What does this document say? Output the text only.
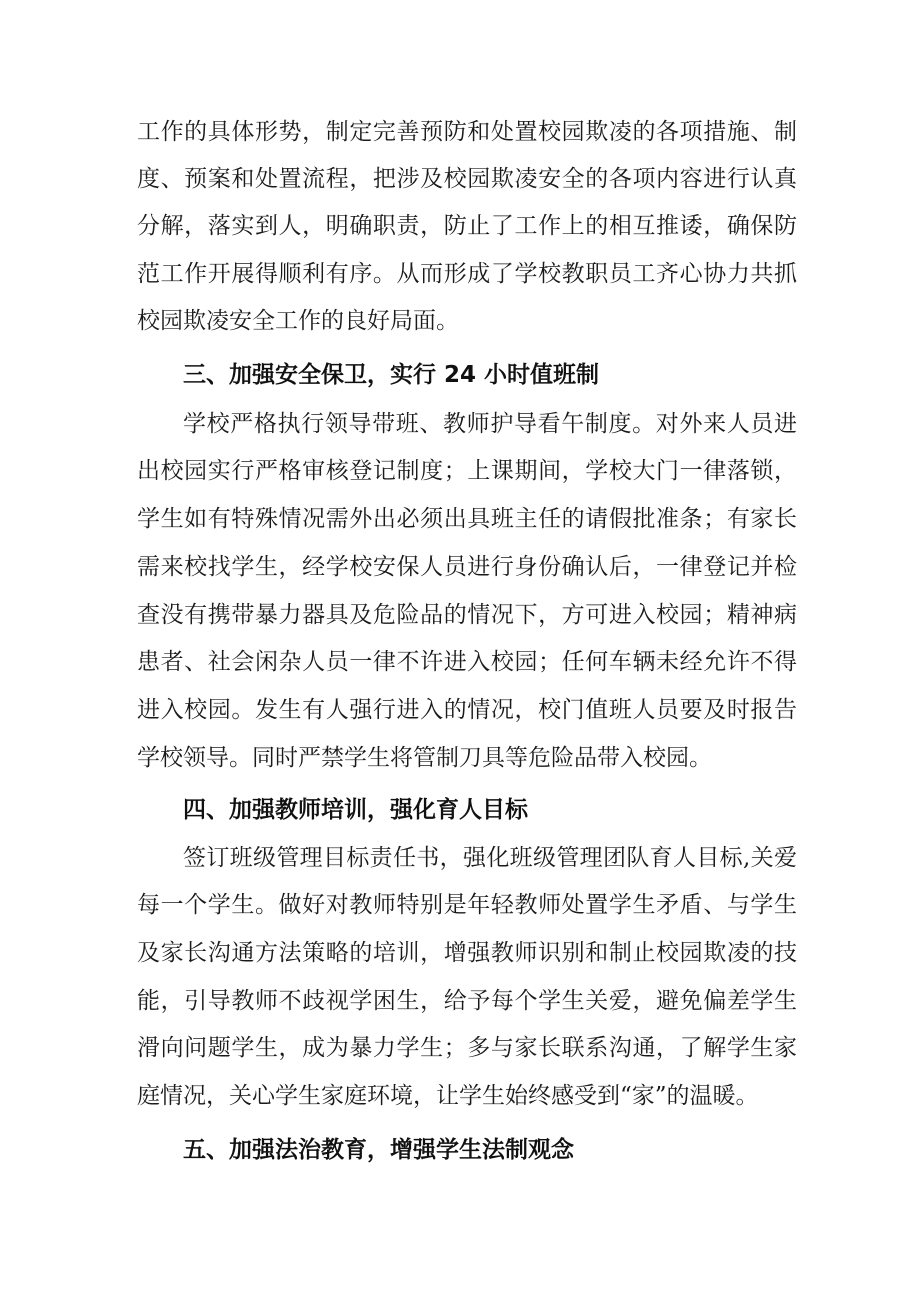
工作的具体形势，制定完善预防和处置校园欺凌的各项措施、制

度、预案和处置流程，把涉及校园欺凌安全的各项内容进行认真

分解，落实到人，明确职责，防止了工作上的相互推诿，确保防

范工作开展得顺利有序。从而形成了学校教职员工齐心协力共抓

校园欺凌安全工作的良好局面。

三、加强安全保卫，实行 24 小时值班制

学校严格执行领导带班、教师护导看午制度。对外来人员进

出校园实行严格审核登记制度；上课期间，学校大门一律落锁，

学生如有特殊情况需外出必须出具班主任的请假批准条；有家长

需来校找学生，经学校安保人员进行身份确认后，一律登记并检

查没有携带暴力器具及危险品的情况下，方可进入校园；精神病

患者、社会闲杂人员一律不许进入校园；任何车辆未经允许不得

进入校园。发生有人强行进入的情况，校门值班人员要及时报告

学校领导。同时严禁学生将管制刀具等危险品带入校园。

四、加强教师培训，强化育人目标

签订班级管理目标责任书，强化班级管理团队育人目标,关爱

每一个学生。做好对教师特别是年轻教师处置学生矛盾、与学生

及家长沟通方法策略的培训，增强教师识别和制止校园欺凌的技

能，引导教师不歧视学困生，给予每个学生关爱，避免偏差学生

滑向问题学生，成为暴力学生；多与家长联系沟通，了解学生家

庭情况，关心学生家庭环境，让学生始终感受到“家”的温暖。

五、加强法治教育，增强学生法制观念
